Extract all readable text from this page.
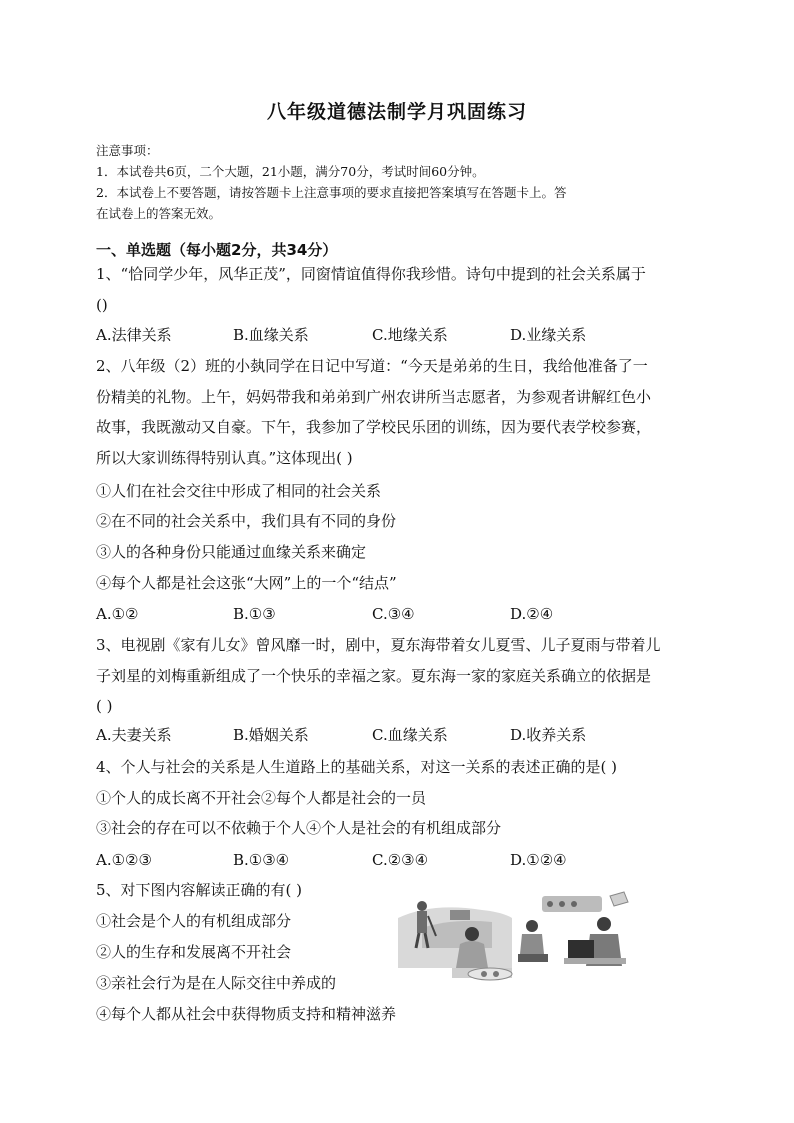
八年级道德法制学月巩固练习

注意事项：

1．本试卷共6页，二个大题，21小题，满分70分，考试时间60分钟。

2．本试卷上不要答题，请按答题卡上注意事项的要求直接把答案填写在答题卡上。答

在试卷上的答案无效。

一、单选题（每小题2分，共34分）

1、“恰同学少年，风华正茂”，同窗情谊值得你我珍惜。诗句中提到的社会关系属于

()

A.法律关系	B.血缘关系	C.地缘关系	D.业缘关系

2、八年级（2）班的小埶同学在日记中写道：“今天是弟弟的生日，我给他准备了一

份精美的礼物。上午，妈妈带我和弟弟到广州农讲所当志愿者，为参观者讲解红色小

故事，我既激动又自豪。下午，我参加了学校民乐团的训练，因为要代表学校参赛，

所以大家训练得特别认真。”这体现出( )

①人们在社会交往中形成了相同的社会关系
②在不同的社会关系中，我们具有不同的身份
③人的各种身份只能通过血缘关系来确定
④每个人都是社会这张“大网”上的一个“结点”
A.①②	B.①③	C.③④	D.②④

3、电视剧《家有儿女》曾风靡一时，剧中，夏东海带着女儿夏雪、儿子夏雨与带着儿

子刘星的刘梅重新组成了一个快乐的幸福之家。夏东海一家的家庭关系确立的依据是

( )

A.夫妻关系	B.婚姻关系	C.血缘关系	D.收养关系
4、个人与社会的关系是人生道路上的基础关系，对这一关系的表述正确的是( )
①个人的成长离不开社会②每个人都是社会的一员
③社会的存在可以不依赖于个人④个人是社会的有机组成部分
A.①②③	B.①③④	C.②③④	D.①②④
5、对下图内容解读正确的有( )
①社会是个人的有机组成部分
②人的生存和发展离不开社会
③亲社会行为是在人际交往中养成的
④每个人都从社会中获得物质支持和精神滋养
